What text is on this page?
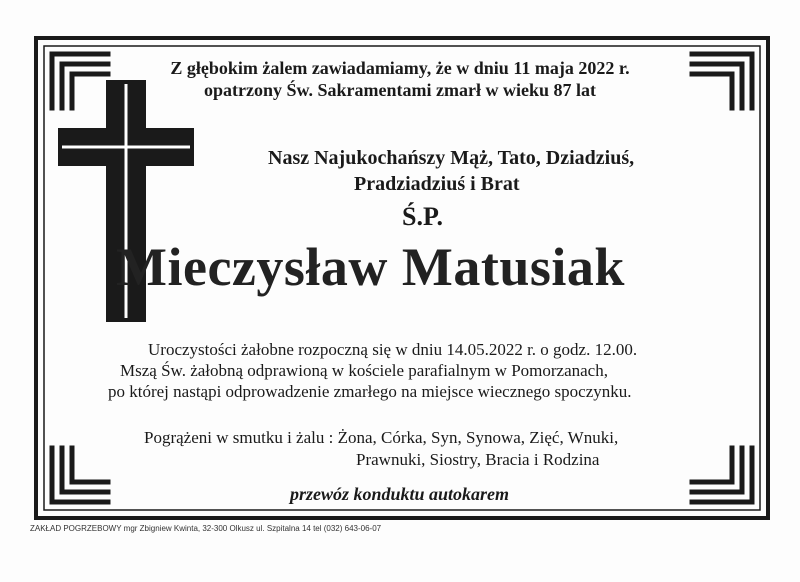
Z głębokim żalem zawiadamiamy, że w dniu 11 maja 2022 r.

opatrzony Św. Sakramentami zmarł w wieku 87 lat

Nasz Najukochańszy Mąż, Tato, Dziadziuś,

Pradziadziuś i Brat

Ś.P.

Mieczysław Matusiak

Uroczystości żałobne rozpoczną się w dniu 14.05.2022 r. o godz. 12.00.

Mszą Św. żałobną odprawioną w kościele parafialnym w Pomorzanach,

po której nastąpi odprowadzenie zmarłego na miejsce wiecznego spoczynku.

Pogrążeni w smutku i żalu : Żona, Córka, Syn, Synowa, Zięć, Wnuki,

Prawnuki, Siostry, Bracia i Rodzina

przewóz konduktu autokarem

ZAKŁAD POGRZEBOWY mgr Zbigniew Kwinta, 32-300 Olkusz ul. Szpitalna 14 tel (032) 643-06-07
